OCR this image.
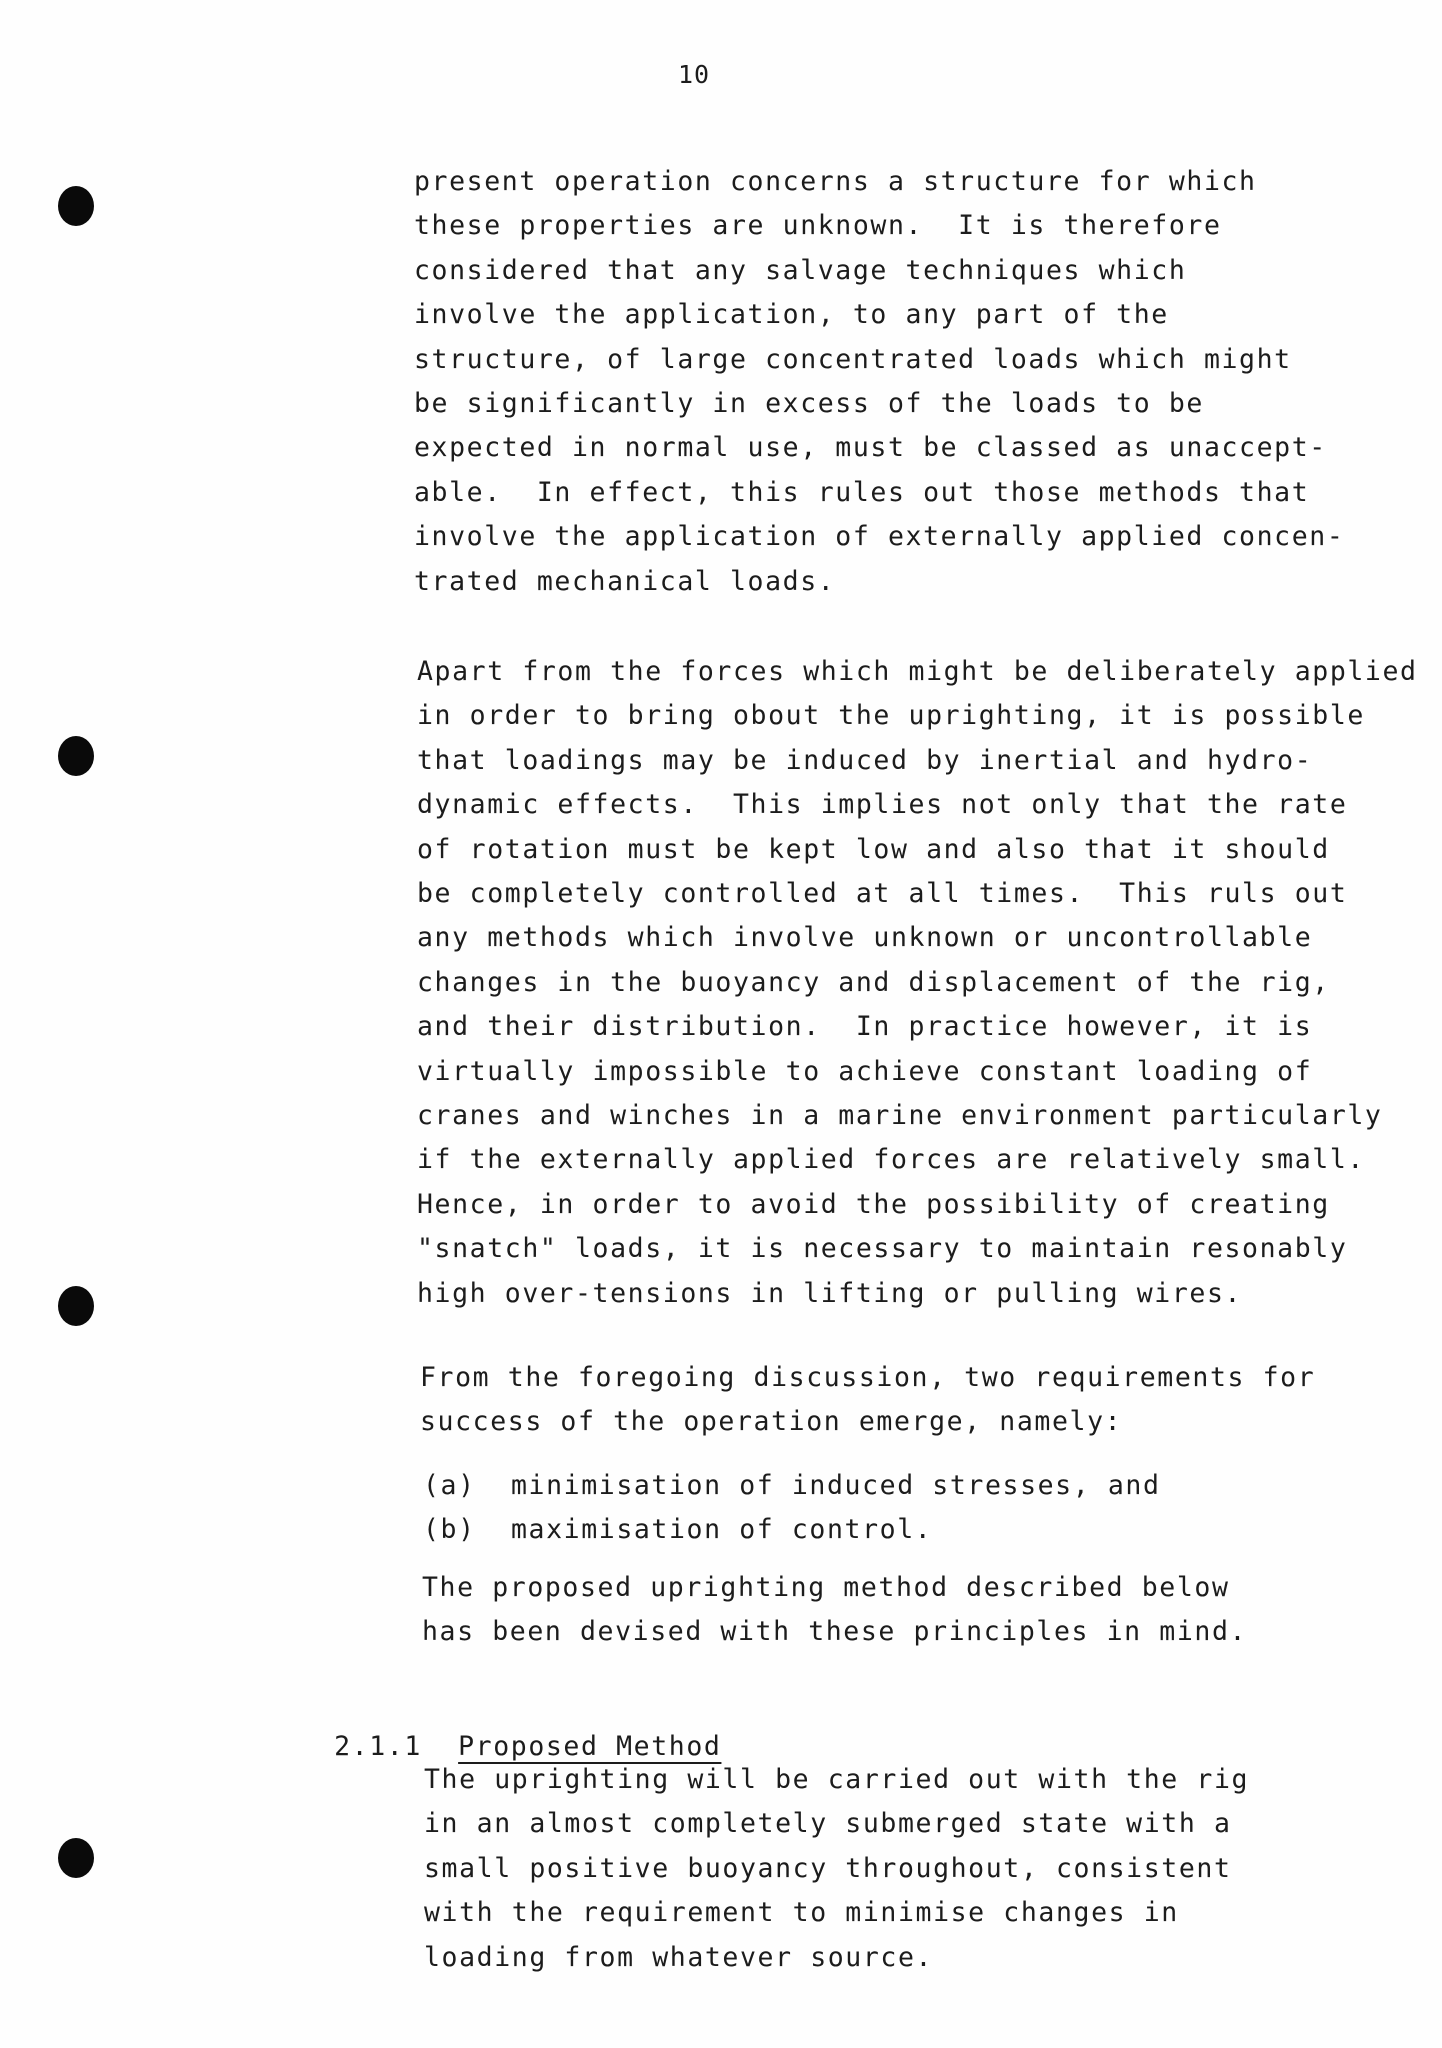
10
present operation concerns a structure for which
these properties are unknown.  It is therefore
considered that any salvage techniques which
involve the application, to any part of the
structure, of large concentrated loads which might
be significantly in excess of the loads to be
expected in normal use, must be classed as unaccept-
able.  In effect, this rules out those methods that
involve the application of externally applied concen-
trated mechanical loads.
Apart from the forces which might be deliberately applied
in order to bring obout the uprighting, it is possible
that loadings may be induced by inertial and hydro-
dynamic effects.  This implies not only that the rate
of rotation must be kept low and also that it should
be completely controlled at all times.  This ruls out
any methods which involve unknown or uncontrollable
changes in the buoyancy and displacement of the rig,
and their distribution.  In practice however, it is
virtually impossible to achieve constant loading of
cranes and winches in a marine environment particularly
if the externally applied forces are relatively small.
Hence, in order to avoid the possibility of creating
"snatch" loads, it is necessary to maintain resonably
high over-tensions in lifting or pulling wires.
From the foregoing discussion, two requirements for
success of the operation emerge, namely:
(a)	minimisation of induced stresses, and
(b)	maximisation of control.
The proposed uprighting method described below
has been devised with these principles in mind.

2.1.1 Proposed Method

The uprighting will be carried out with the rig
in an almost completely submerged state with a
small positive buoyancy throughout, consistent
with the requirement to minimise changes in
loading from whatever source.
